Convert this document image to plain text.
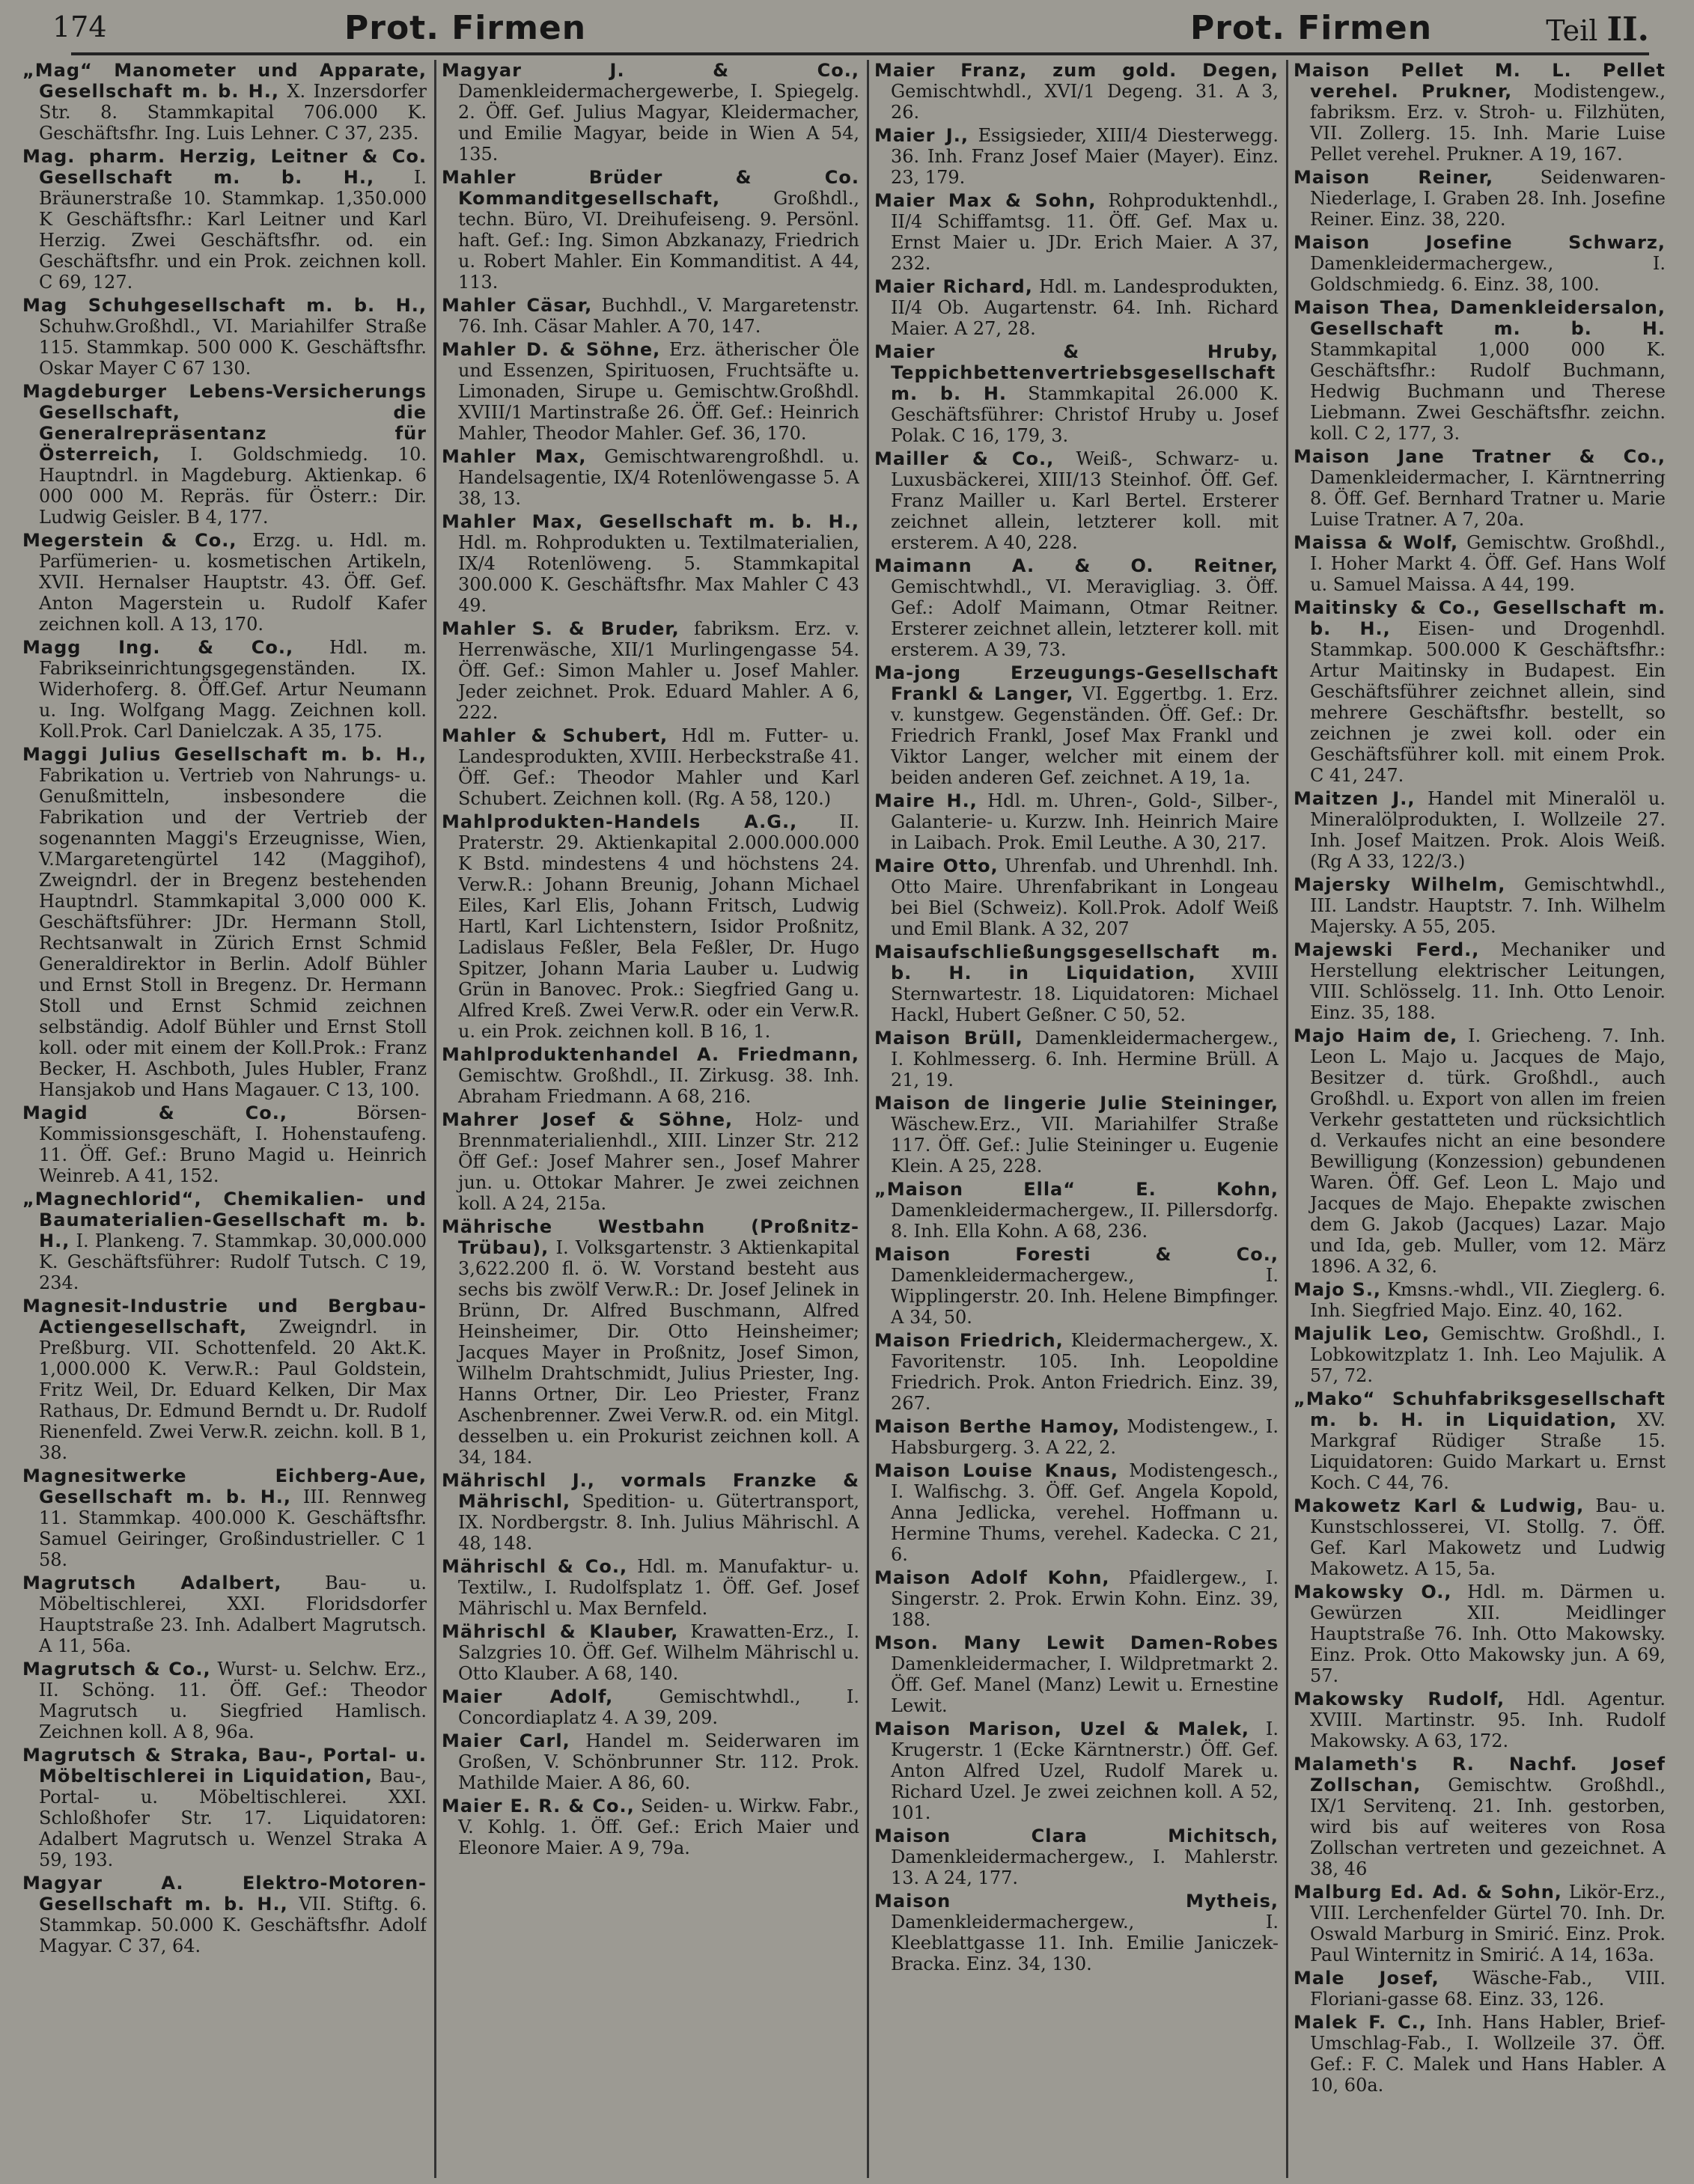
174	Prot. Firmen	Prot. Firmen	Teil II.

„Mag“ Manometer und Apparate, Gesellschaft m. b. H., X. Inzersdorfer Str. 8. Stammkapital 706.000 K. Geschäftsfhr. Ing. Luis Lehner. C 37, 235.

Mag. pharm. Herzig, Leitner & Co. Gesellschaft m. b. H., I. Bräunerstraße 10. Stammkap. 1,350.000 K Geschäftsfhr.: Karl Leitner und Karl Herzig. Zwei Geschäftsfhr. od. ein Geschäftsfhr. und ein Prok. zeichnen koll. C 69, 127.

Mag Schuhgesellschaft m. b. H., Schuhw.Großhdl., VI. Mariahilfer Straße 115. Stammkap. 500 000 K. Geschäftsfhr. Oskar Mayer C 67 130.

Magdeburger Lebens-Versicherungs Gesellschaft, die Generalrepräsentanz für Österreich, I. Goldschmiedg. 10. Hauptndrl. in Magdeburg. Aktienkap. 6 000 000 M. Repräs. für Österr.: Dir. Ludwig Geisler. B 4, 177.

Megerstein & Co., Erzg. u. Hdl. m. Parfümerien- u. kosmetischen Artikeln, XVII. Hernalser Hauptstr. 43. Öff. Gef. Anton Magerstein u. Rudolf Kafer zeichnen koll. A 13, 170.

Magg Ing. & Co., Hdl. m. Fabrikseinrichtungsgegenständen. IX. Widerhoferg. 8. Öff.Gef. Artur Neumann u. Ing. Wolfgang Magg. Zeichnen koll. Koll.Prok. Carl Danielczak. A 35, 175.

Maggi Julius Gesellschaft m. b. H., Fabrikation u. Vertrieb von Nahrungs- u. Genußmitteln, insbesondere die Fabrikation und der Vertrieb der sogenannten Maggi's Erzeugnisse, Wien, V.Margaretengürtel 142 (Maggihof), Zweigndrl. der in Bregenz bestehenden Hauptndrl. Stammkapital 3,000 000 K. Geschäftsführer: JDr. Hermann Stoll, Rechtsanwalt in Zürich Ernst Schmid Generaldirektor in Berlin. Adolf Bühler und Ernst Stoll in Bregenz. Dr. Hermann Stoll und Ernst Schmid zeichnen selbständig. Adolf Bühler und Ernst Stoll koll. oder mit einem der Koll.Prok.: Franz Becker, H. Aschboth, Jules Hubler, Franz Hansjakob und Hans Magauer. C 13, 100.

Magid & Co.,	Börsen-Kommissionsgeschäft, I. Hohenstaufeng. 11. Öff. Gef.: Bruno Magid u. Heinrich Weinreb. A 41, 152.

„Magnechlorid“, Chemikalien- und Baumaterialien-Gesellschaft m. b. H., I. Plankeng. 7. Stammkap. 30,000.000 K. Geschäftsführer: Rudolf Tutsch. C 19, 234.

Magnesit-Industrie und Bergbau-Actiengesellschaft, Zweigndrl. in Preßburg. VII. Schottenfeld. 20 Akt.K. 1,000.000 K. Verw.R.: Paul Goldstein, Fritz Weil, Dr. Eduard Kelken, Dir Max Rathaus, Dr. Edmund Berndt u. Dr. Rudolf Rienenfeld. Zwei Verw.R. zeichn. koll. B 1, 38.

Magnesitwerke Eichberg-Aue, Gesellschaft m. b. H., III. Rennweg 11. Stammkap. 400.000 K. Geschäftsfhr. Samuel Geiringer, Großindustrieller. C 1 58.

Magrutsch Adalbert, Bau- u. Möbeltischlerei, XXI. Floridsdorfer Hauptstraße 23. Inh. Adalbert Magrutsch. A 11, 56a.

Magrutsch & Co., Wurst- u. Selchw. Erz., II. Schöng. 11. Öff. Gef.: Theodor Magrutsch u. Siegfried Hamlisch. Zeichnen koll. A 8, 96a.

Magrutsch & Straka, Bau-, Portal- u. Möbeltischlerei in Liquidation, Bau-, Portal- u. Möbeltischlerei. XXI. Schloßhofer Str. 17. Liquidatoren: Adalbert Magrutsch u. Wenzel Straka A 59, 193.

Magyar A. Elektro-Motoren-Gesellschaft m. b. H., VII. Stiftg. 6. Stammkap. 50.000 K. Geschäftsfhr. Adolf Magyar. C 37, 64.

Magyar J. & Co., Damenkleidermachergewerbe, I. Spiegelg. 2. Öff. Gef. Julius Magyar, Kleidermacher, und Emilie Magyar, beide in Wien A 54, 135.

Mahler Brüder & Co. Kommanditgesellschaft,	Großhdl., techn. Büro, VI. Dreihufeiseng. 9. Persönl. haft. Gef.: Ing. Simon Abzkanazy, Friedrich u. Robert Mahler. Ein Kommanditist. A 44, 113.

Mahler Cäsar, Buchhdl., V. Margaretenstr. 76. Inh. Cäsar Mahler. A 70, 147.

Mahler D. & Söhne, Erz. ätherischer Öle und Essenzen, Spirituosen, Fruchtsäfte u. Limonaden, Sirupe u. Gemischtw.Großhdl. XVIII/1 Martinstraße 26. Öff. Gef.: Heinrich Mahler, Theodor Mahler. Gef. 36, 170.

Mahler Max, Gemischtwarengroßhdl. u. Handelsagentie, IX/4 Rotenlöwengasse 5. A 38, 13.

Mahler Max, Gesellschaft m. b. H., Hdl. m. Rohprodukten u. Textilmaterialien, IX/4 Rotenlöweng. 5. Stammkapital 300.000 K. Geschäftsfhr. Max Mahler C 43 49.

Mahler S. & Bruder, fabriksm. Erz. v. Herrenwäsche, XII/1 Murlingengasse 54. Öff. Gef.: Simon Mahler u. Josef Mahler. Jeder zeichnet. Prok. Eduard Mahler. A 6, 222.

Mahler & Schubert, Hdl m. Futter- u. Landesprodukten, XVIII. Herbeckstraße 41. Öff. Gef.: Theodor Mahler und Karl Schubert. Zeichnen koll. (Rg. A 58, 120.)

Mahlprodukten-Handels A.G., II. Praterstr. 29. Aktienkapital 2.000.000.000 K Bstd. mindestens 4 und höchstens 24. Verw.R.: Johann Breunig, Johann Michael Eiles, Karl Elis, Johann Fritsch, Ludwig Hartl, Karl Lichtenstern, Isidor Proßnitz, Ladislaus Feßler, Bela Feßler, Dr. Hugo Spitzer, Johann Maria Lauber u. Ludwig Grün in Banovec. Prok.: Siegfried Gang u. Alfred Kreß. Zwei Verw.R. oder ein Verw.R. u. ein Prok. zeichnen koll. B 16, 1.

Mahlproduktenhandel A. Friedmann, Gemischtw. Großhdl., II. Zirkusg. 38. Inh. Abraham Friedmann. A 68, 216.

Mahrer Josef & Söhne, Holz- und Brennmaterialienhdl., XIII. Linzer Str. 212 Öff Gef.: Josef Mahrer sen., Josef Mahrer jun. u. Ottokar Mahrer. Je zwei zeichnen koll. A 24, 215a.

Mährische Westbahn (Proßnitz-Trübau), I. Volksgartenstr. 3 Aktienkapital 3,622.200 fl. ö. W. Vorstand besteht aus sechs bis zwölf Verw.R.: Dr. Josef Jelinek in Brünn, Dr. Alfred Buschmann, Alfred Heinsheimer, Dir. Otto Heinsheimer; Jacques Mayer in Proßnitz, Josef Simon, Wilhelm Drahtschmidt, Julius Priester, Ing. Hanns Ortner, Dir. Leo Priester, Franz Aschenbrenner. Zwei Verw.R. od. ein Mitgl. desselben u. ein Prokurist zeichnen koll. A 34, 184.

Mährischl J., vormals Franzke & Mährischl, Spedition- u. Gütertransport, IX. Nordbergstr. 8. Inh. Julius Mährischl. A 48, 148.

Mährischl & Co., Hdl. m. Manufaktur- u. Textilw., I. Rudolfsplatz 1. Öff. Gef. Josef Mährischl u. Max Bernfeld.

Mährischl & Klauber, Krawatten-Erz., I. Salzgries 10. Öff. Gef. Wilhelm Mährischl u. Otto Klauber. A 68, 140.

Maier Adolf,	Gemischtwhdl., I. Concordiaplatz 4. A 39, 209.

Maier Carl, Handel m. Seiderwaren im Großen, V. Schönbrunner Str. 112. Prok. Mathilde Maier. A 86, 60.

Maier E. R. & Co., Seiden- u. Wirkw. Fabr., V. Kohlg. 1. Öff. Gef.: Erich Maier und Eleonore Maier. A 9, 79a.

Maier Franz, zum gold. Degen, Gemischtwhdl., XVI/1 Degeng. 31. A 3, 26.

Maier J., Essigsieder, XIII/4 Diesterwegg. 36. Inh. Franz Josef Maier (Mayer). Einz. 23, 179.

Maier Max & Sohn, Rohproduktenhdl., II/4 Schiffamtsg. 11. Öff. Gef. Max u. Ernst Maier u. JDr. Erich Maier. A 37, 232.

Maier Richard, Hdl. m. Landesprodukten, II/4 Ob. Augartenstr. 64. Inh. Richard Maier. A 27, 28.

Maier & Hruby, Teppichbettenvertriebsgesellschaft m. b. H. Stammkapital 26.000 K. Geschäftsführer: Christof Hruby u. Josef Polak. C 16, 179, 3.

Mailler & Co., Weiß-, Schwarz- u. Luxusbäckerei, XIII/13 Steinhof. Öff. Gef. Franz Mailler u. Karl Bertel. Ersterer zeichnet allein, letzterer koll. mit ersterem. A 40, 228.

Maimann A. & O. Reitner, Gemischtwhdl., VI. Meravigliag. 3. Öff. Gef.: Adolf Maimann, Otmar Reitner. Ersterer zeichnet allein, letzterer koll. mit ersterem. A 39, 73.

Ma-jong Erzeugungs-Gesellschaft Frankl & Langer, VI. Eggertbg. 1. Erz. v. kunstgew. Gegenständen. Öff. Gef.: Dr. Friedrich Frankl, Josef Max Frankl und Viktor Langer, welcher mit einem der beiden anderen Gef. zeichnet. A 19, 1a.

Maire H., Hdl. m. Uhren-, Gold-, Silber-, Galanterie- u. Kurzw. Inh. Heinrich Maire in Laibach. Prok. Emil Leuthe. A 30, 217.

Maire Otto, Uhrenfab. und Uhrenhdl. Inh. Otto Maire. Uhrenfabrikant in Longeau bei Biel (Schweiz). Koll.Prok. Adolf Weiß und Emil Blank. A 32, 207

Maisaufschließungsgesellschaft m. b. H. in Liquidation, XVIII Sternwartestr. 18. Liquidatoren: Michael Hackl, Hubert Geßner. C 50, 52.

Maison Brüll, Damenkleidermachergew., I. Kohlmesserg. 6. Inh. Hermine Brüll. A 21, 19.

Maison de lingerie Julie Steininger, Wäschew.Erz., VII. Mariahilfer Straße 117. Öff. Gef.: Julie Steininger u. Eugenie Klein. A 25, 228.

„Maison Ella“ E. Kohn, Damenkleidermachergew., II. Pillersdorfg. 8. Inh. Ella Kohn. A 68, 236.

Maison Foresti & Co., Damenkleidermachergew., I. Wipplingerstr. 20. Inh. Helene Bimpfinger. A 34, 50.

Maison Friedrich, Kleidermachergew., X. Favoritenstr. 105. Inh. Leopoldine Friedrich. Prok. Anton Friedrich. Einz. 39, 267.

Maison Berthe Hamoy, Modistengew., I. Habsburgerg. 3. A 22, 2.

Maison Louise Knaus, Modistengesch., I. Walfischg. 3. Öff. Gef. Angela Kopold, Anna Jedlicka, verehel. Hoffmann u. Hermine Thums, verehel. Kadecka. C 21, 6.

Maison Adolf Kohn, Pfaidlergew., I. Singerstr. 2. Prok. Erwin Kohn. Einz. 39, 188.

Mson. Many Lewit Damen-Robes Damenkleidermacher, I. Wildpretmarkt 2. Öff. Gef. Manel (Manz) Lewit u. Ernestine Lewit.

Maison Marison, Uzel & Malek, I. Krugerstr. 1 (Ecke Kärntnerstr.) Öff. Gef. Anton Alfred Uzel, Rudolf Marek u. Richard Uzel. Je zwei zeichnen koll. A 52, 101.

Maison Clara Michitsch, Damenkleidermachergew., I. Mahlerstr. 13. A 24, 177.

Maison Mytheis, Damenkleidermachergew., I. Kleeblattgasse 11. Inh. Emilie Janiczek-Bracka. Einz. 34, 130.

Maison Pellet M. L. Pellet verehel. Prukner, Modistengew., fabriksm. Erz. v. Stroh- u. Filzhüten, VII. Zollerg. 15. Inh. Marie Luise Pellet verehel. Prukner. A 19, 167.

Maison Reiner,	Seidenwaren-Niederlage, I. Graben 28. Inh. Josefine Reiner. Einz. 38, 220.

Maison Josefine Schwarz, Damenkleidermachergew., I. Goldschmiedg. 6. Einz. 38, 100.

Maison Thea, Damenkleidersalon, Gesellschaft m. b. H. Stammkapital 1,000 000 K. Geschäftsfhr.: Rudolf Buchmann, Hedwig Buchmann und Therese Liebmann. Zwei Geschäftsfhr. zeichn. koll. C 2, 177, 3.

Maison Jane Tratner & Co., Damenkleidermacher, I. Kärntnerring 8. Öff. Gef. Bernhard Tratner u. Marie Luise Tratner. A 7, 20a.

Maissa & Wolf, Gemischtw. Großhdl., I. Hoher Markt 4. Öff. Gef. Hans Wolf u. Samuel Maissa. A 44, 199.

Maitinsky & Co., Gesellschaft m. b. H., Eisen- und Drogenhdl. Stammkap. 500.000 K Geschäftsfhr.: Artur Maitinsky in Budapest. Ein Geschäftsführer zeichnet allein, sind mehrere Geschäftsfhr. bestellt, so zeichnen je zwei koll. oder ein Geschäftsführer koll. mit einem Prok. C 41, 247.

Maitzen J., Handel mit Mineralöl u. Mineralölprodukten, I. Wollzeile 27. Inh. Josef Maitzen. Prok. Alois Weiß. (Rg A 33, 122/3.)

Majersky Wilhelm, Gemischtwhdl., III. Landstr. Hauptstr. 7. Inh. Wilhelm Majersky. A 55, 205.

Majewski Ferd., Mechaniker und Herstellung elektrischer Leitungen, VIII. Schlösselg. 11. Inh. Otto Lenoir. Einz. 35, 188.

Majo Haim de, I. Griecheng. 7. Inh. Leon L. Majo u. Jacques de Majo, Besitzer d. türk. Großhdl., auch Großhdl. u. Export von allen im freien Verkehr gestatteten und rücksichtlich d. Verkaufes nicht an eine besondere Bewilligung (Konzession) gebundenen Waren. Öff. Gef. Leon L. Majo und Jacques de Majo. Ehepakte zwischen dem G. Jakob (Jacques) Lazar. Majo und Ida, geb. Muller, vom 12. März 1896. A 32, 6.

Majo S., Kmsns.-whdl., VII. Zieglerg. 6. Inh. Siegfried Majo. Einz. 40, 162.

Majulik Leo, Gemischtw. Großhdl., I. Lobkowitzplatz 1. Inh. Leo Majulik. A 57, 72.

„Mako“ Schuhfabriksgesellschaft m. b. H. in Liquidation, XV. Markgraf Rüdiger Straße 15. Liquidatoren: Guido Markart u. Ernst Koch. C 44, 76.

Makowetz Karl & Ludwig, Bau- u. Kunstschlosserei, VI. Stollg. 7. Öff. Gef. Karl Makowetz und Ludwig Makowetz. A 15, 5a.

Makowsky O., Hdl. m. Därmen u. Gewürzen XII. Meidlinger Hauptstraße 76. Inh. Otto Makowsky. Einz. Prok. Otto Makowsky jun. A 69, 57.

Makowsky Rudolf, Hdl. Agentur. XVIII. Martinstr. 95. Inh. Rudolf Makowsky. A 63, 172.

Malameth's R. Nachf. Josef Zollschan, Gemischtw. Großhdl., IX/1 Servitenq. 21. Inh. gestorben, wird bis auf weiteres von Rosa Zollschan vertreten und gezeichnet. A 38, 46

Malburg Ed. Ad. & Sohn, Likör-Erz., VIII. Lerchenfelder Gürtel 70. Inh. Dr. Oswald Marburg in Smirić. Einz. Prok. Paul Winternitz in Smirić. A 14, 163a.

Male Josef, Wäsche-Fab., VIII. Floriani-gasse 68. Einz. 33, 126.

Malek F. C., Inh. Hans Habler, Brief-Umschlag-Fab., I. Wollzeile 37. Öff. Gef.: F. C. Malek und Hans Habler. A 10, 60a.
